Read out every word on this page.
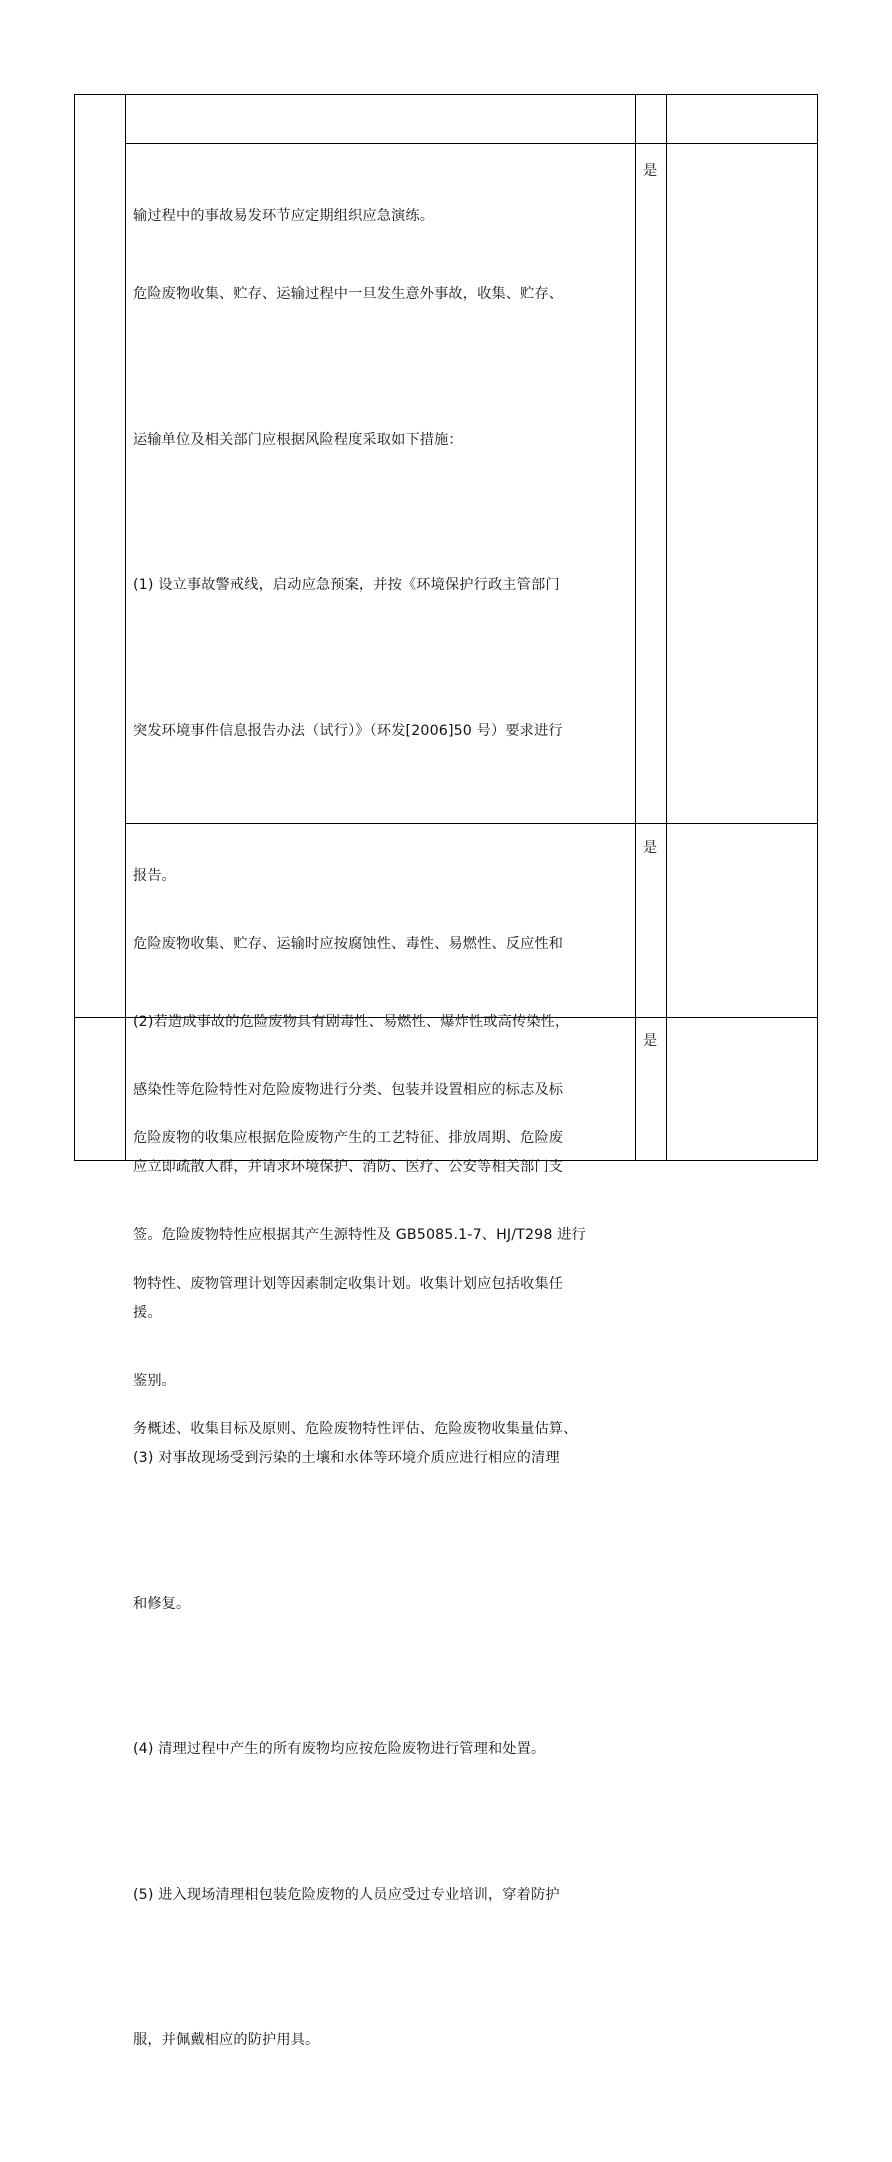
输过程中的事故易发环节应定期组织应急演练。

危险废物收集、贮存、运输过程中一旦发生意外事故，收集、贮存、

运输单位及相关部门应根据风险程度采取如下措施：

(1) 设立事故警戒线，启动应急预案，并按《环境保护行政主管部门

突发环境事件信息报告办法（试行）》（环发[2006]50 号）要求进行

报告。

(2)若造成事故的危险废物具有剧毒性、易燃性、爆炸性或高传染性，

应立即疏散人群，并请求环境保护、消防、医疗、公安等相关部门支

援。

(3) 对事故现场受到污染的土壤和水体等环境介质应进行相应的清理

和修复。

(4) 清理过程中产生的所有废物均应按危险废物进行管理和处置。

(5) 进入现场清理相包装危险废物的人员应受过专业培训，穿着防护

服，并佩戴相应的防护用具。

是

危险废物收集、贮存、运输时应按腐蚀性、毒性、易燃性、反应性和

感染性等危险特性对危险废物进行分类、包装并设置相应的标志及标

签。危险废物特性应根据其产生源特性及 GB5085.1-7、HJ/T298 进行

鉴别。

是

危险废物的收集应根据危险废物产生的工艺特征、排放周期、危险废

物特性、废物管理计划等因素制定收集计划。收集计划应包括收集任

务概述、收集目标及原则、危险废物特性评估、危险废物收集量估算、

是
